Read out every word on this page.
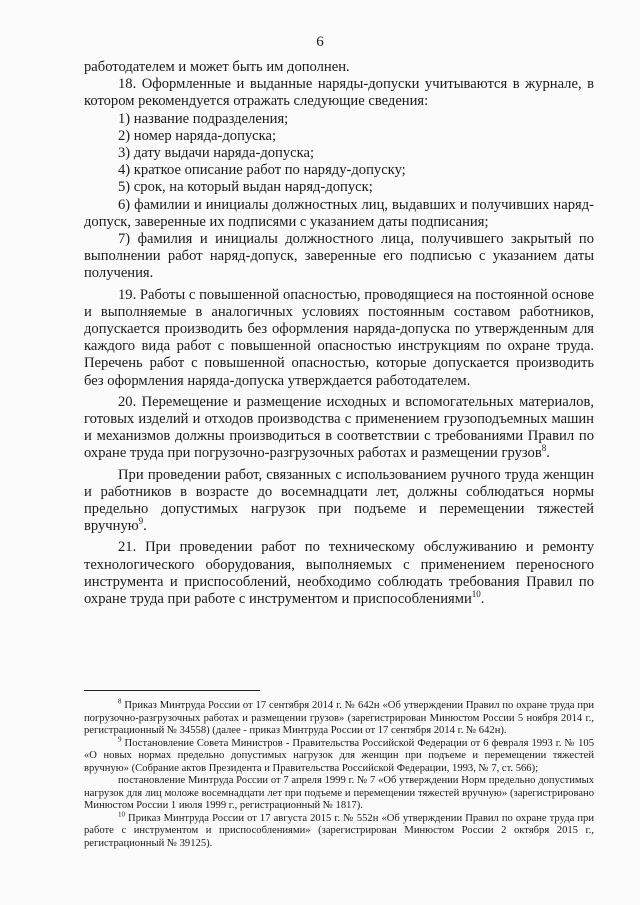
6

работодателем и может быть им дополнен.

18. Оформленные и выданные наряды-допуски учитываются в журнале, в котором рекомендуется отражать следующие сведения:

1) название подразделения;

2) номер наряда-допуска;

3) дату выдачи наряда-допуска;

4) краткое описание работ по наряду-допуску;

5) срок, на который выдан наряд-допуск;

6) фамилии и инициалы должностных лиц, выдавших и получивших наряд-допуск, заверенные их подписями с указанием даты подписания;

7) фамилия и инициалы должностного лица, получившего закрытый по выполнении работ наряд-допуск, заверенные его подписью с указанием даты получения.

19. Работы с повышенной опасностью, проводящиеся на постоянной основе и выполняемые в аналогичных условиях постоянным составом работников, допускается производить без оформления наряда-допуска по утвержденным для каждого вида работ с повышенной опасностью инструкциям по охране труда. Перечень работ с повышенной опасностью, которые допускается производить без оформления наряда-допуска утверждается работодателем.

20. Перемещение и размещение исходных и вспомогательных материалов, готовых изделий и отходов производства с применением грузоподъемных машин и механизмов должны производиться в соответствии с требованиями Правил по охране труда при погрузочно-разгрузочных работах и размещении грузов$^8$.

При проведении работ, связанных с использованием ручного труда женщин и работников в возрасте до восемнадцати лет, должны соблюдаться нормы предельно допустимых нагрузок при подъеме и перемещении тяжестей вручную$^9$.

21. При проведении работ по техническому обслуживанию и ремонту технологического оборудования, выполняемых с применением переносного инструмента и приспособлений, необходимо соблюдать требования Правил по охране труда при работе с инструментом и приспособлениями$^{10}$.

$^8$ Приказ Минтруда России от 17 сентября 2014 г. № 642н «Об утверждении Правил по охране труда при погрузочно-разгрузочных работах и размещении грузов» (зарегистрирован Минюстом России 5 ноября 2014 г., регистрационный № 34558) (далее - приказ Минтруда России от 17 сентября 2014 г. № 642н).

$^9$ Постановление Совета Министров - Правительства Российской Федерации от 6 февраля 1993 г. № 105 «О новых нормах предельно допустимых нагрузок для женщин при подъеме и перемещении тяжестей вручную» (Собрание актов Президента и Правительства Российской Федерации, 1993, № 7, ст. 566);

постановление Минтруда России от 7 апреля 1999 г. № 7 «Об утверждении Норм предельно допустимых нагрузок для лиц моложе восемнадцати лет при подъеме и перемещении тяжестей вручную» (зарегистрировано Минюстом России 1 июля 1999 г., регистрационный № 1817).

$^{10}$ Приказ Минтруда России от 17 августа 2015 г. № 552н «Об утверждении Правил по охране труда при работе с инструментом и приспособлениями» (зарегистрирован Минюстом России 2 октября 2015 г., регистрационный № 39125).
